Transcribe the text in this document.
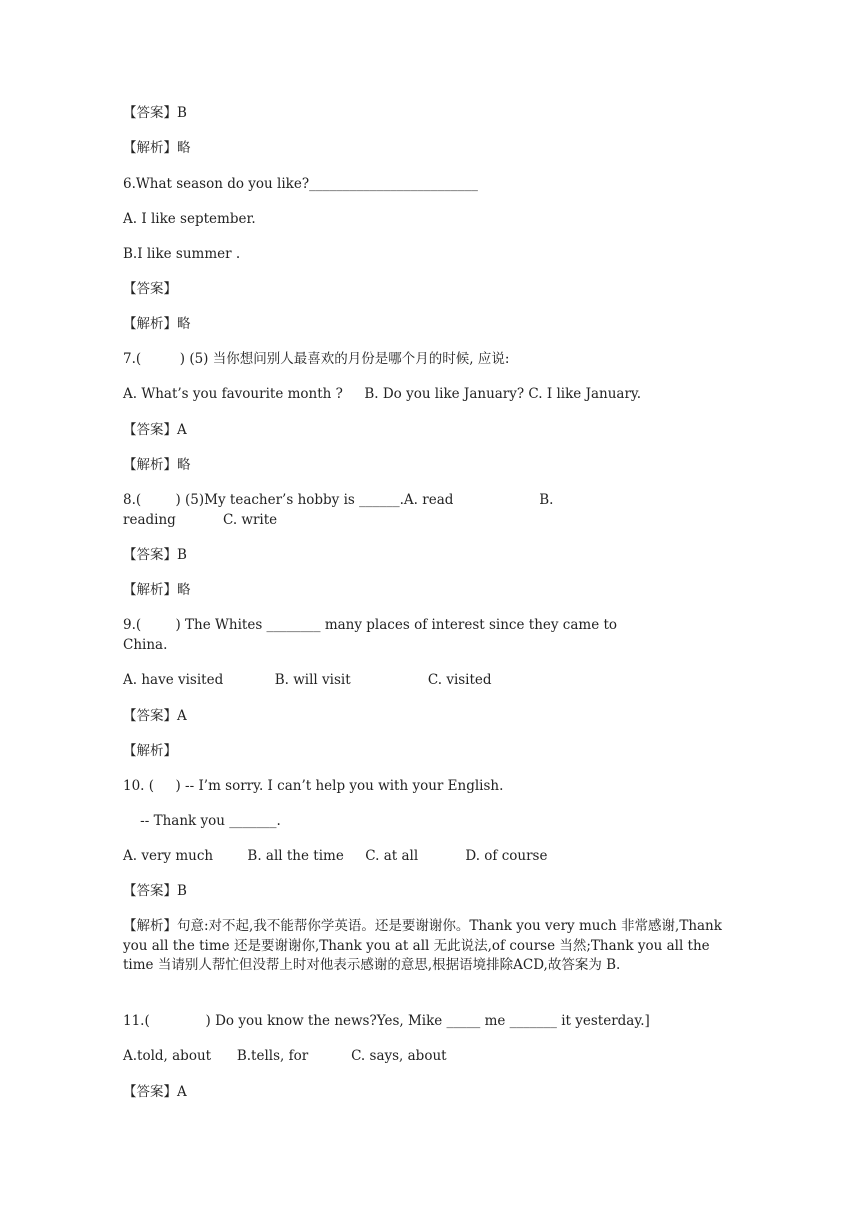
【答案】B
【解析】略
6.What season do you like?_________________________
A. I like september.
B.I like summer .
【答案】
【解析】略
7.(         ) (5) 当你想问别人最喜欢的月份是哪个月的时候, 应说:
A. What’s you favourite month ?     B. Do you like January? C. I like January.
【答案】A
【解析】略
8.(        ) (5)My teacher’s hobby is ______.A. read                    B.
reading           C. write
【答案】B
【解析】略
9.(        ) The Whites ________ many places of interest since they came to
China.
A. have visited            B. will visit                  C. visited
【答案】A
【解析】
10. (     ) -- I’m sorry. I can’t help you with your English.
-- Thank you _______.
A. very much        B. all the time     C. at all           D. of course
【答案】B
【解析】句意:对不起,我不能帮你学英语。还是要谢谢你。Thank you very much 非常感谢,Thank you all the time 还是要谢谢你,Thank you at all 无此说法,of course 当然;Thank you all the time 当请别人帮忙但没帮上时对他表示感谢的意思,根据语境排除ACD,故答案为 B.
11.(             ) Do you know the news?Yes, Mike _____ me _______ it yesterday.]
A.told, about      B.tells, for          C. says, about
【答案】A
